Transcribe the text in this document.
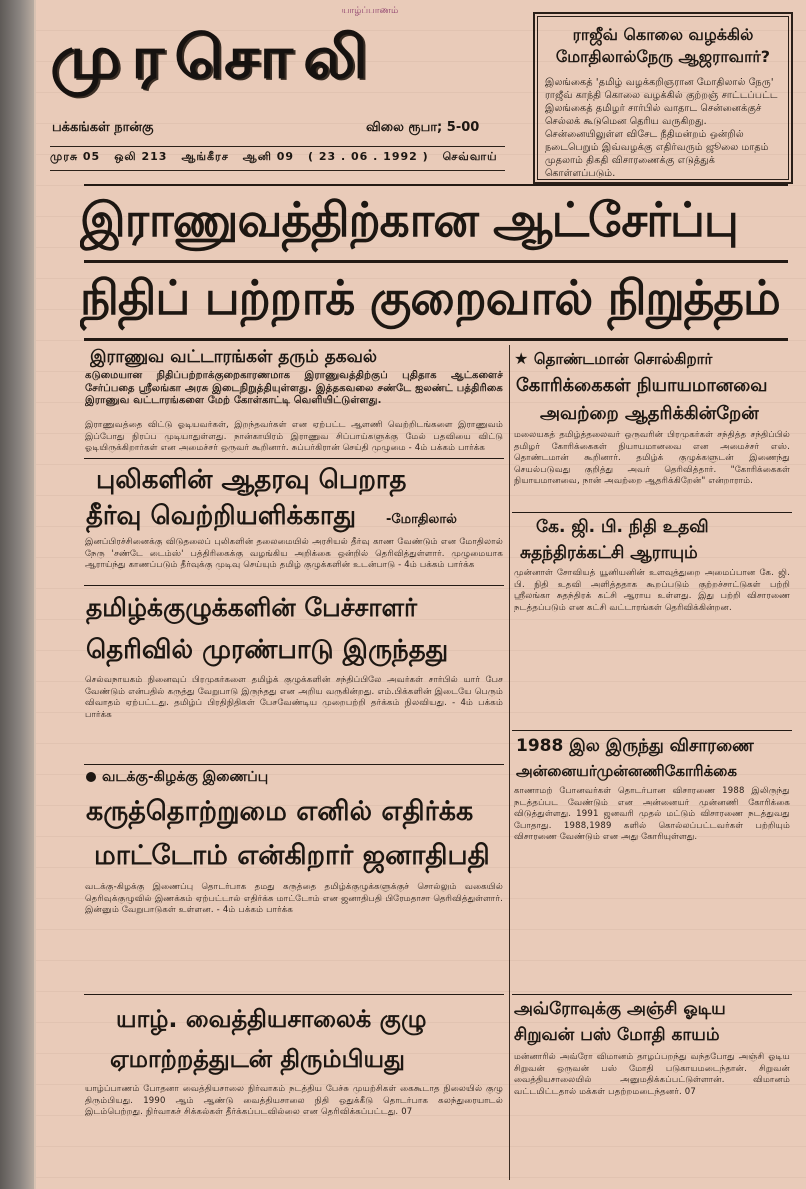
யாழ்ப்பாணம்
முரசொலி
பக்கங்கள் நான்கு	விலை ரூபா; 5-00
முரசு 05 ஒலி 213 ஆங்கீரச ஆனி 09 ( 23 . 06 . 1992 ) செவ்வாய்
ராஜீவ் கொலை வழக்கில் மோதிலால்நேரு ஆஜராவார்?
இலங்கைத் 'தமிழ் வழக்கறிஞரான மோதிலால் நேரு' ராஜீவ் காந்தி கொலை வழக்கில் குற்றஞ் சாட்டப்பட்ட இலங்கைத் தமிழர் சார்பில் வாதாட சென்னைக்குச் செல்லக் கூடுமென தெரிய வருகிறது. சென்னையிலுள்ள விசேட நீதிமன்றம் ஒன்றில் நடைபெறும் இவ்வழக்கு எதிர்வரும் ஜூலை மாதம் முதலாம் திகதி விசாரணைக்கு எடுத்துக் கொள்ளப்படும்.
இராணுவத்திற்கான ஆட்சேர்ப்பு
நிதிப் பற்றாக் குறைவால் நிறுத்தம்
இராணுவ வட்டாரங்கள் தரும் தகவல்
கடுமையான நிதிப்பற்றாக்குறைகாரணமாக இராணுவத்திற்குப் புதிதாக ஆட்களைச் சேர்ப்பதை ஸ்ரீலங்கா அரசு இடைநிறுத்தியுள்ளது. இத்தகவலை சண்டே ஐலண்ட் பத்திரிகை இராணுவ வட்டாரங்களை மேற் கோள்காட்டி வெளியிட்டுள்ளது.
இராணுவத்தை விட்டு ஓடியவர்கள், இறந்தவர்கள் என ஏற்பட்ட ஆளணி வெற்றிடங்களை இராணுவம் இப்போது நிரப்ப முடியாதுள்ளது. நான்காயிரம் இராணுவ சிப்பாய்களுக்கு மேல் பதவியை விட்டு ஓடியிருக்கிறார்கள் என அமைச்சர் ஒருவர் கூறினார். சுப்பர்கிரான் செய்தி முழுமை - 4ம் பக்கம் பார்க்க
புலிகளின் ஆதரவு பெறாத
தீர்வு வெற்றியளிக்காது	-மோதிலால்
இனப்பிரச்சினைக்கு விடுதலைப் புலிகளின் தலைமையில் அரசியல் தீர்வு காண வேண்டும் என மோதிலால் நேரு 'சண்டே டைம்ஸ்' பத்திரிகைக்கு வழங்கிய அறிக்கை ஒன்றில் தெரிவித்துள்ளார். முழுமையாக ஆராய்ந்து காணப்படும் தீர்வுக்கு முடிவு செய்யும் தமிழ் குழுக்களின் உடன்பாடு - 4ம் பக்கம் பார்க்க
தமிழ்க்குழுக்களின் பேச்சாளர்
தெரிவில் முரண்பாடு இருந்தது
செல்வநாயகம் நினைவுப் பிரமுகர்களை தமிழ்க் குழுக்களின் சந்திப்பிலே அவர்கள் சார்பில் யார் பேச வேண்டும் என்பதில் கருத்து வேறுபாடு இருந்தது என அறிய வருகின்றது. எம்.பிக்களின் இடையே பெரும் விவாதம் ஏற்பட்டது. தமிழ்ப் பிரதிநிதிகள் பேசவேண்டிய முறைபற்றி தர்க்கம் நிலவியது. - 4ம் பக்கம் பார்க்க
வடக்கு-கிழக்கு இணைப்பு
கருத்தொற்றுமை எனில் எதிர்க்க
மாட்டோம் என்கிறார் ஜனாதிபதி
வடக்கு-கிழக்கு இணைப்பு தொடர்பாக தமது கருத்தை தமிழ்க்குழுக்களுக்குச் சொல்லும் வகையில் தெரிவுக்குழுவில் இணக்கம் ஏற்பட்டால் எதிர்க்க மாட்டோம் என ஜனாதிபதி பிரேமதாசா தெரிவித்துள்ளார். இன்னும் வேறுபாடுகள் உள்ளன. - 4ம் பக்கம் பார்க்க
யாழ். வைத்தியசாலைக் குழு
ஏமாற்றத்துடன் திரும்பியது
யாழ்ப்பாணம் போதனா வைத்தியசாலை நிர்வாகம் நடத்திய பேச்சு முயற்சிகள் கைகூடாத நிலையில் குழு திரும்பியது. 1990 ஆம் ஆண்டு வைத்தியசாலை நிதி ஒதுக்கீடு தொடர்பாக கலந்துரையாடல் இடம்பெற்றது. நிர்வாகச் சிக்கல்கள் தீர்க்கப்படவில்லை என தெரிவிக்கப்பட்டது. 07
★ தொண்டமான் சொல்கிறார்
கோரிக்கைகள் நியாயமானவை
அவற்றை ஆதரிக்கின்றேன்
மலையகத் தமிழ்த்தலைவர் ஒருவரின் பிரமுகர்கள் சந்தித்த சந்திப்பில் தமிழர் கோரிக்கைகள் நியாயமானவை என அமைச்சர் எஸ். தொண்டமான் கூறினார். தமிழ்க் குழுக்களுடன் இணைந்து செயல்படுவது குறித்து அவர் தெரிவித்தார். "கோரிக்கைகள் நியாயமானவை, நான் அவற்றை ஆதரிக்கிறேன்" என்றாராம்.
கே. ஜி. பி. நிதி உதவி
சுதந்திரக்கட்சி ஆராயும்
முன்னாள் சோவியத் யூனியனின் உளவுத்துறை அமைப்பான கே. ஜி. பி. நிதி உதவி அளித்ததாக கூறப்படும் குற்றச்சாட்டுகள் பற்றி ஸ்ரீலங்கா சுதந்திரக் கட்சி ஆராய உள்ளது. இது பற்றி விசாரணை நடத்தப்படும் என கட்சி வட்டாரங்கள் தெரிவிக்கின்றன.
1988 இல இருந்து விசாரணை
அன்னையர்முன்னணிகோரிக்கை
காணாமற் போனவர்கள் தொடர்பான விசாரணை 1988 இலிருந்து நடத்தப்பட வேண்டும் என அன்னையர் முன்னணி கோரிக்கை விடுத்துள்ளது. 1991 ஜனவரி முதல் மட்டும் விசாரணை நடத்துவது போதாது. 1988,1989 களில் கொல்லப்பட்டவர்கள் பற்றியும் விசாரணை வேண்டும் என அது கோரியுள்ளது.
அவ்ரோவுக்கு அஞ்சி ஓடிய
சிறுவன் பஸ் மோதி காயம்
மன்னாரில் அவ்ரோ விமானம் தாழப்பறந்து வந்தபோது அஞ்சி ஓடிய சிறுவன் ஒருவன் பஸ் மோதி படுகாயமடைந்தான். சிறுவன் வைத்தியசாலையில் அனுமதிக்கப்பட்டுள்ளான். விமானம் வட்டமிட்டதால் மக்கள் பதற்றமடைந்தனர். 07
